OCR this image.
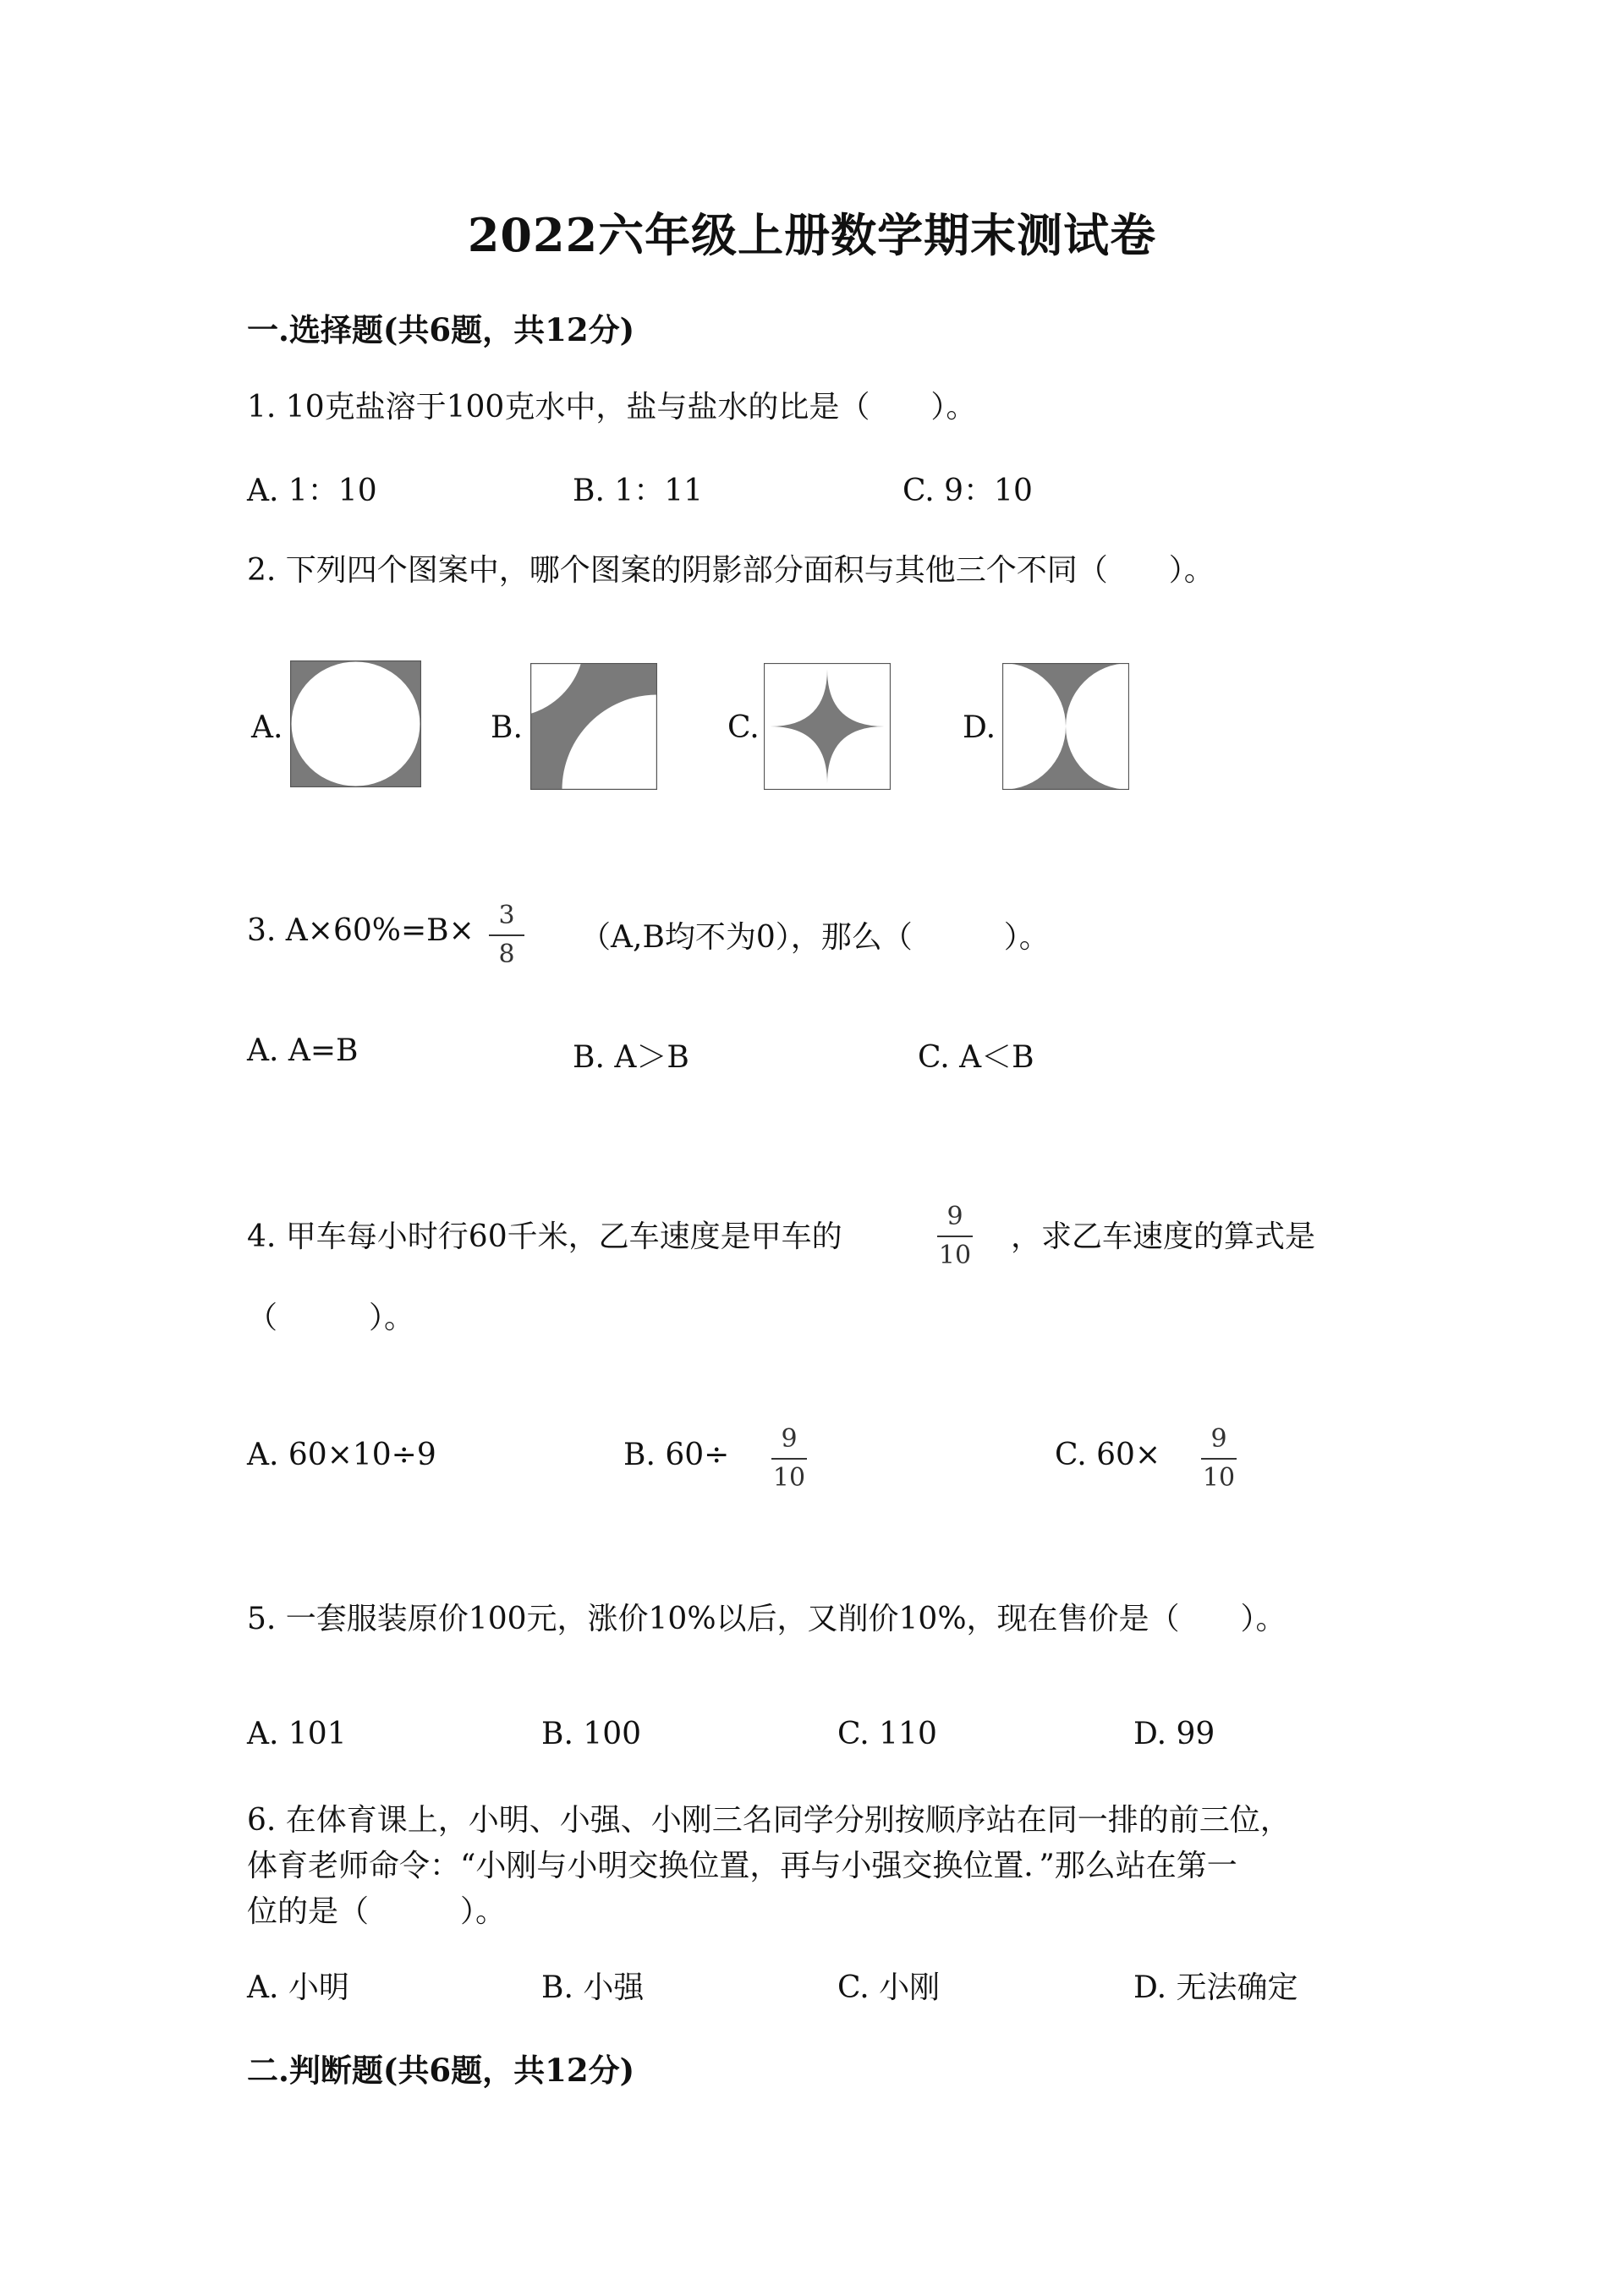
2022六年级上册数学期末测试卷
一.选择题(共6题，共12分)
1. 10克盐溶于100克水中，盐与盐水的比是（　　）。
A. 1：10	B. 1：11	C. 9：10
2. 下列四个图案中，哪个图案的阴影部分面积与其他三个不同（　　）。
A.	B.	C.	D.
3. A×60%=B× 3
8 （A,B均不为0），那么（　　　）。
A. A=B	B. A＞B	C. A＜B
4. 甲车每小时行60千米，乙车速度是甲车的
9
10
，求乙车速度的算式是
（　　　）。
A. 60×10÷9	B. 60÷ 9
10
C. 60× 9
10
5. 一套服装原价100元，涨价10%以后，又削价10%，现在售价是（　　）。
A. 101	B. 100	C. 110	D. 99
6. 在体育课上，小明、小强、小刚三名同学分别按顺序站在同一排的前三位，
体育老师命令：“小刚与小明交换位置，再与小强交换位置．”那么站在第一
位的是（　　　）。
A. 小明	B. 小强	C. 小刚	D. 无法确定
二.判断题(共6题，共12分)
